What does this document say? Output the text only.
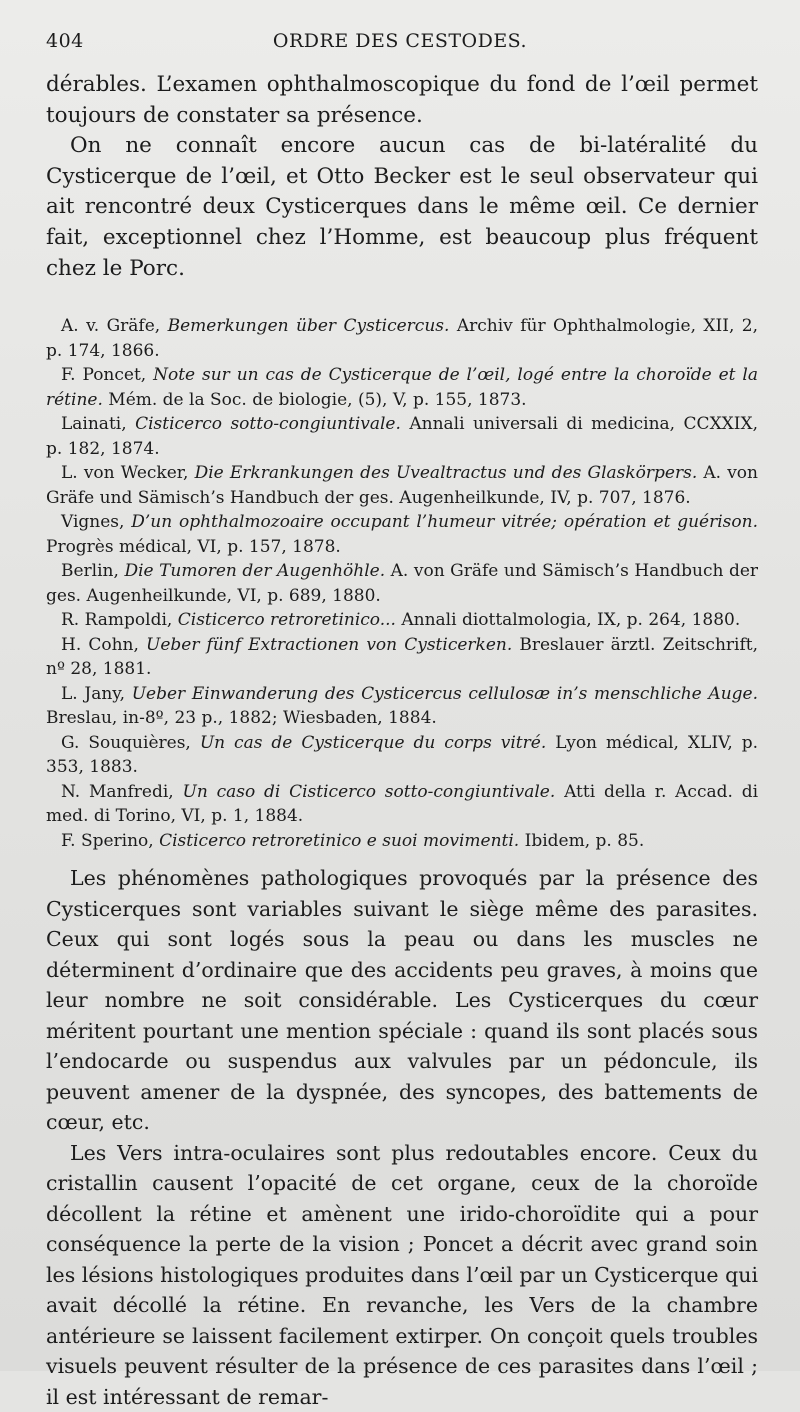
404	ORDRE DES CESTODES.

dérables. L’examen ophthalmoscopique du fond de l’œil permet toujours de constater sa présence.

On ne connaît encore aucun cas de bi-latéralité du Cysticerque de l’œil, et Otto Becker est le seul observateur qui ait rencontré deux Cysticerques dans le même œil. Ce dernier fait, exceptionnel chez l’Homme, est beaucoup plus fréquent chez le Porc.

A. v. Gräfe, Bemerkungen über Cysticercus. Archiv für Ophthalmologie, XII, 2, p. 174, 1866.

F. Poncet, Note sur un cas de Cysticerque de l’œil, logé entre la choroïde et la rétine. Mém. de la Soc. de biologie, (5), V, p. 155, 1873.

Lainati, Cisticerco sotto-congiuntivale. Annali universali di medicina, CCXXIX, p. 182, 1874.

L. von Wecker, Die Erkrankungen des Uvealtractus und des Glaskörpers. A. von Gräfe und Sämisch’s Handbuch der ges. Augenheilkunde, IV, p. 707, 1876.

Vignes, D’un ophthalmozoaire occupant l’humeur vitrée; opération et guérison. Progrès médical, VI, p. 157, 1878.

Berlin, Die Tumoren der Augenhöhle. A. von Gräfe und Sämisch’s Handbuch der ges. Augenheilkunde, VI, p. 689, 1880.

R. Rampoldi, Cisticerco retroretinico... Annali diottalmologia, IX, p. 264, 1880.

H. Cohn, Ueber fünf Extractionen von Cysticerken. Breslauer ärztl. Zeitschrift, nº 28, 1881.

L. Jany, Ueber Einwanderung des Cysticercus cellulosæ in’s menschliche Auge. Breslau, in-8º, 23 p., 1882; Wiesbaden, 1884.

G. Souquières, Un cas de Cysticerque du corps vitré. Lyon médical, XLIV, p. 353, 1883.

N. Manfredi, Un caso di Cisticerco sotto-congiuntivale. Atti della r. Accad. di med. di Torino, VI, p. 1, 1884.

F. Sperino, Cisticerco retroretinico e suoi movimenti. Ibidem, p. 85.

Les phénomènes pathologiques provoqués par la présence des Cysticerques sont variables suivant le siège même des parasites. Ceux qui sont logés sous la peau ou dans les muscles ne déterminent d’ordinaire que des accidents peu graves, à moins que leur nombre ne soit considérable. Les Cysticerques du cœur méritent pourtant une mention spéciale : quand ils sont placés sous l’endocarde ou suspendus aux valvules par un pédoncule, ils peuvent amener de la dyspnée, des syncopes, des battements de cœur, etc.

Les Vers intra-oculaires sont plus redoutables encore. Ceux du cristallin causent l’opacité de cet organe, ceux de la choroïde décollent la rétine et amènent une irido-choroïdite qui a pour conséquence la perte de la vision ; Poncet a décrit avec grand soin les lésions histologiques produites dans l’œil par un Cysticerque qui avait décollé la rétine. En revanche, les Vers de la chambre antérieure se laissent facilement extirper. On conçoit quels troubles visuels peuvent résulter de la présence de ces parasites dans l’œil ; il est intéressant de remar-
